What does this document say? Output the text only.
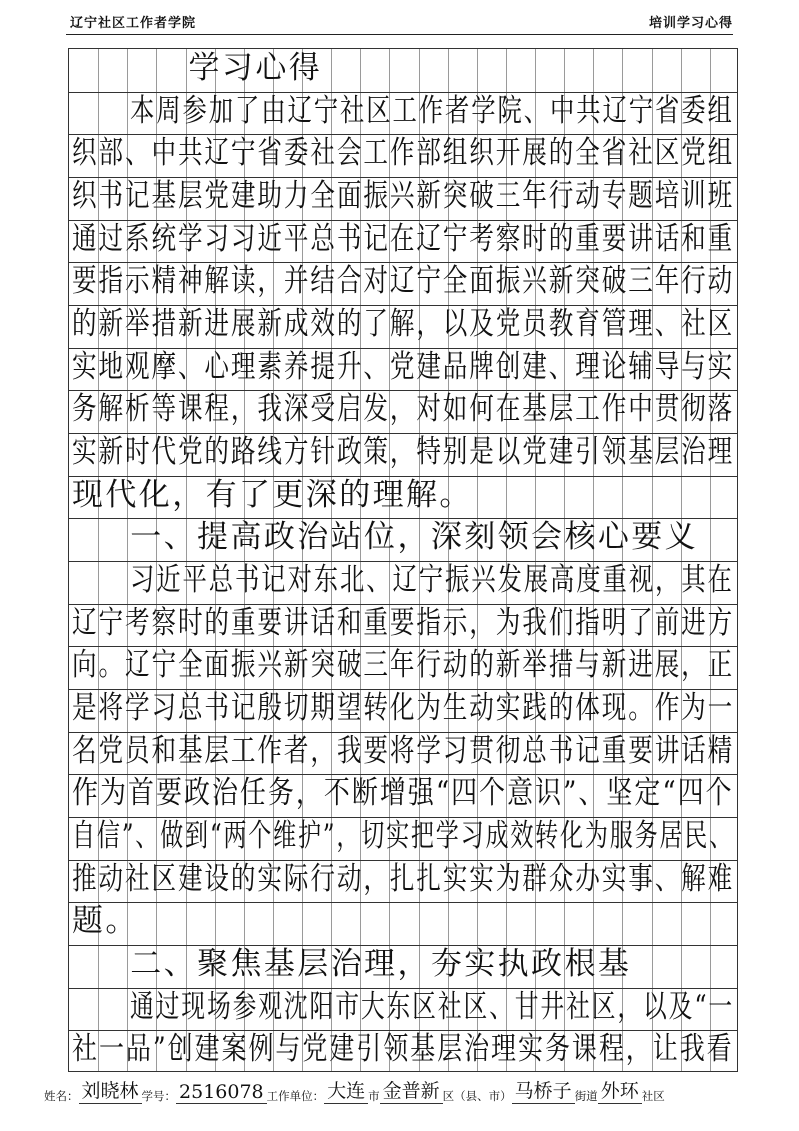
辽宁社区工作者学院	培训学习心得
学习心得
本周参加了由辽宁社区工作者学院、中共辽宁省委组
织部、中共辽宁省委社会工作部组织开展的全省社区党组
织书记基层党建助力全面振兴新突破三年行动专题培训班
通过系统学习习近平总书记在辽宁考察时的重要讲话和重
要指示精神解读，并结合对辽宁全面振兴新突破三年行动
的新举措新进展新成效的了解，以及党员教育管理、社区
实地观摩、心理素养提升、党建品牌创建、理论辅导与实
务解析等课程，我深受启发，对如何在基层工作中贯彻落
实新时代党的路线方针政策，特别是以党建引领基层治理
现代化，有了更深的理解。
一、提高政治站位，深刻领会核心要义
习近平总书记对东北、辽宁振兴发展高度重视，其在
辽宁考察时的重要讲话和重要指示，为我们指明了前进方
向。辽宁全面振兴新突破三年行动的新举措与新进展，正
是将学习总书记殷切期望转化为生动实践的体现。作为一
名党员和基层工作者，我要将学习贯彻总书记重要讲话精
作为首要政治任务，不断增强“四个意识”、坚定“四个
自信”、做到“两个维护”，切实把学习成效转化为服务居民、
推动社区建设的实际行动，扎扎实实为群众办实事、解难
题。
二、聚焦基层治理，夯实执政根基
通过现场参观沈阳市大东区社区、甘井社区，以及“一
社一品”创建案例与党建引领基层治理实务课程，让我看
姓名： 刘晓林 学号： 2516078 工作单位： 大连 市 金普新 区（县、市） 马桥子 街道 外环 社区
